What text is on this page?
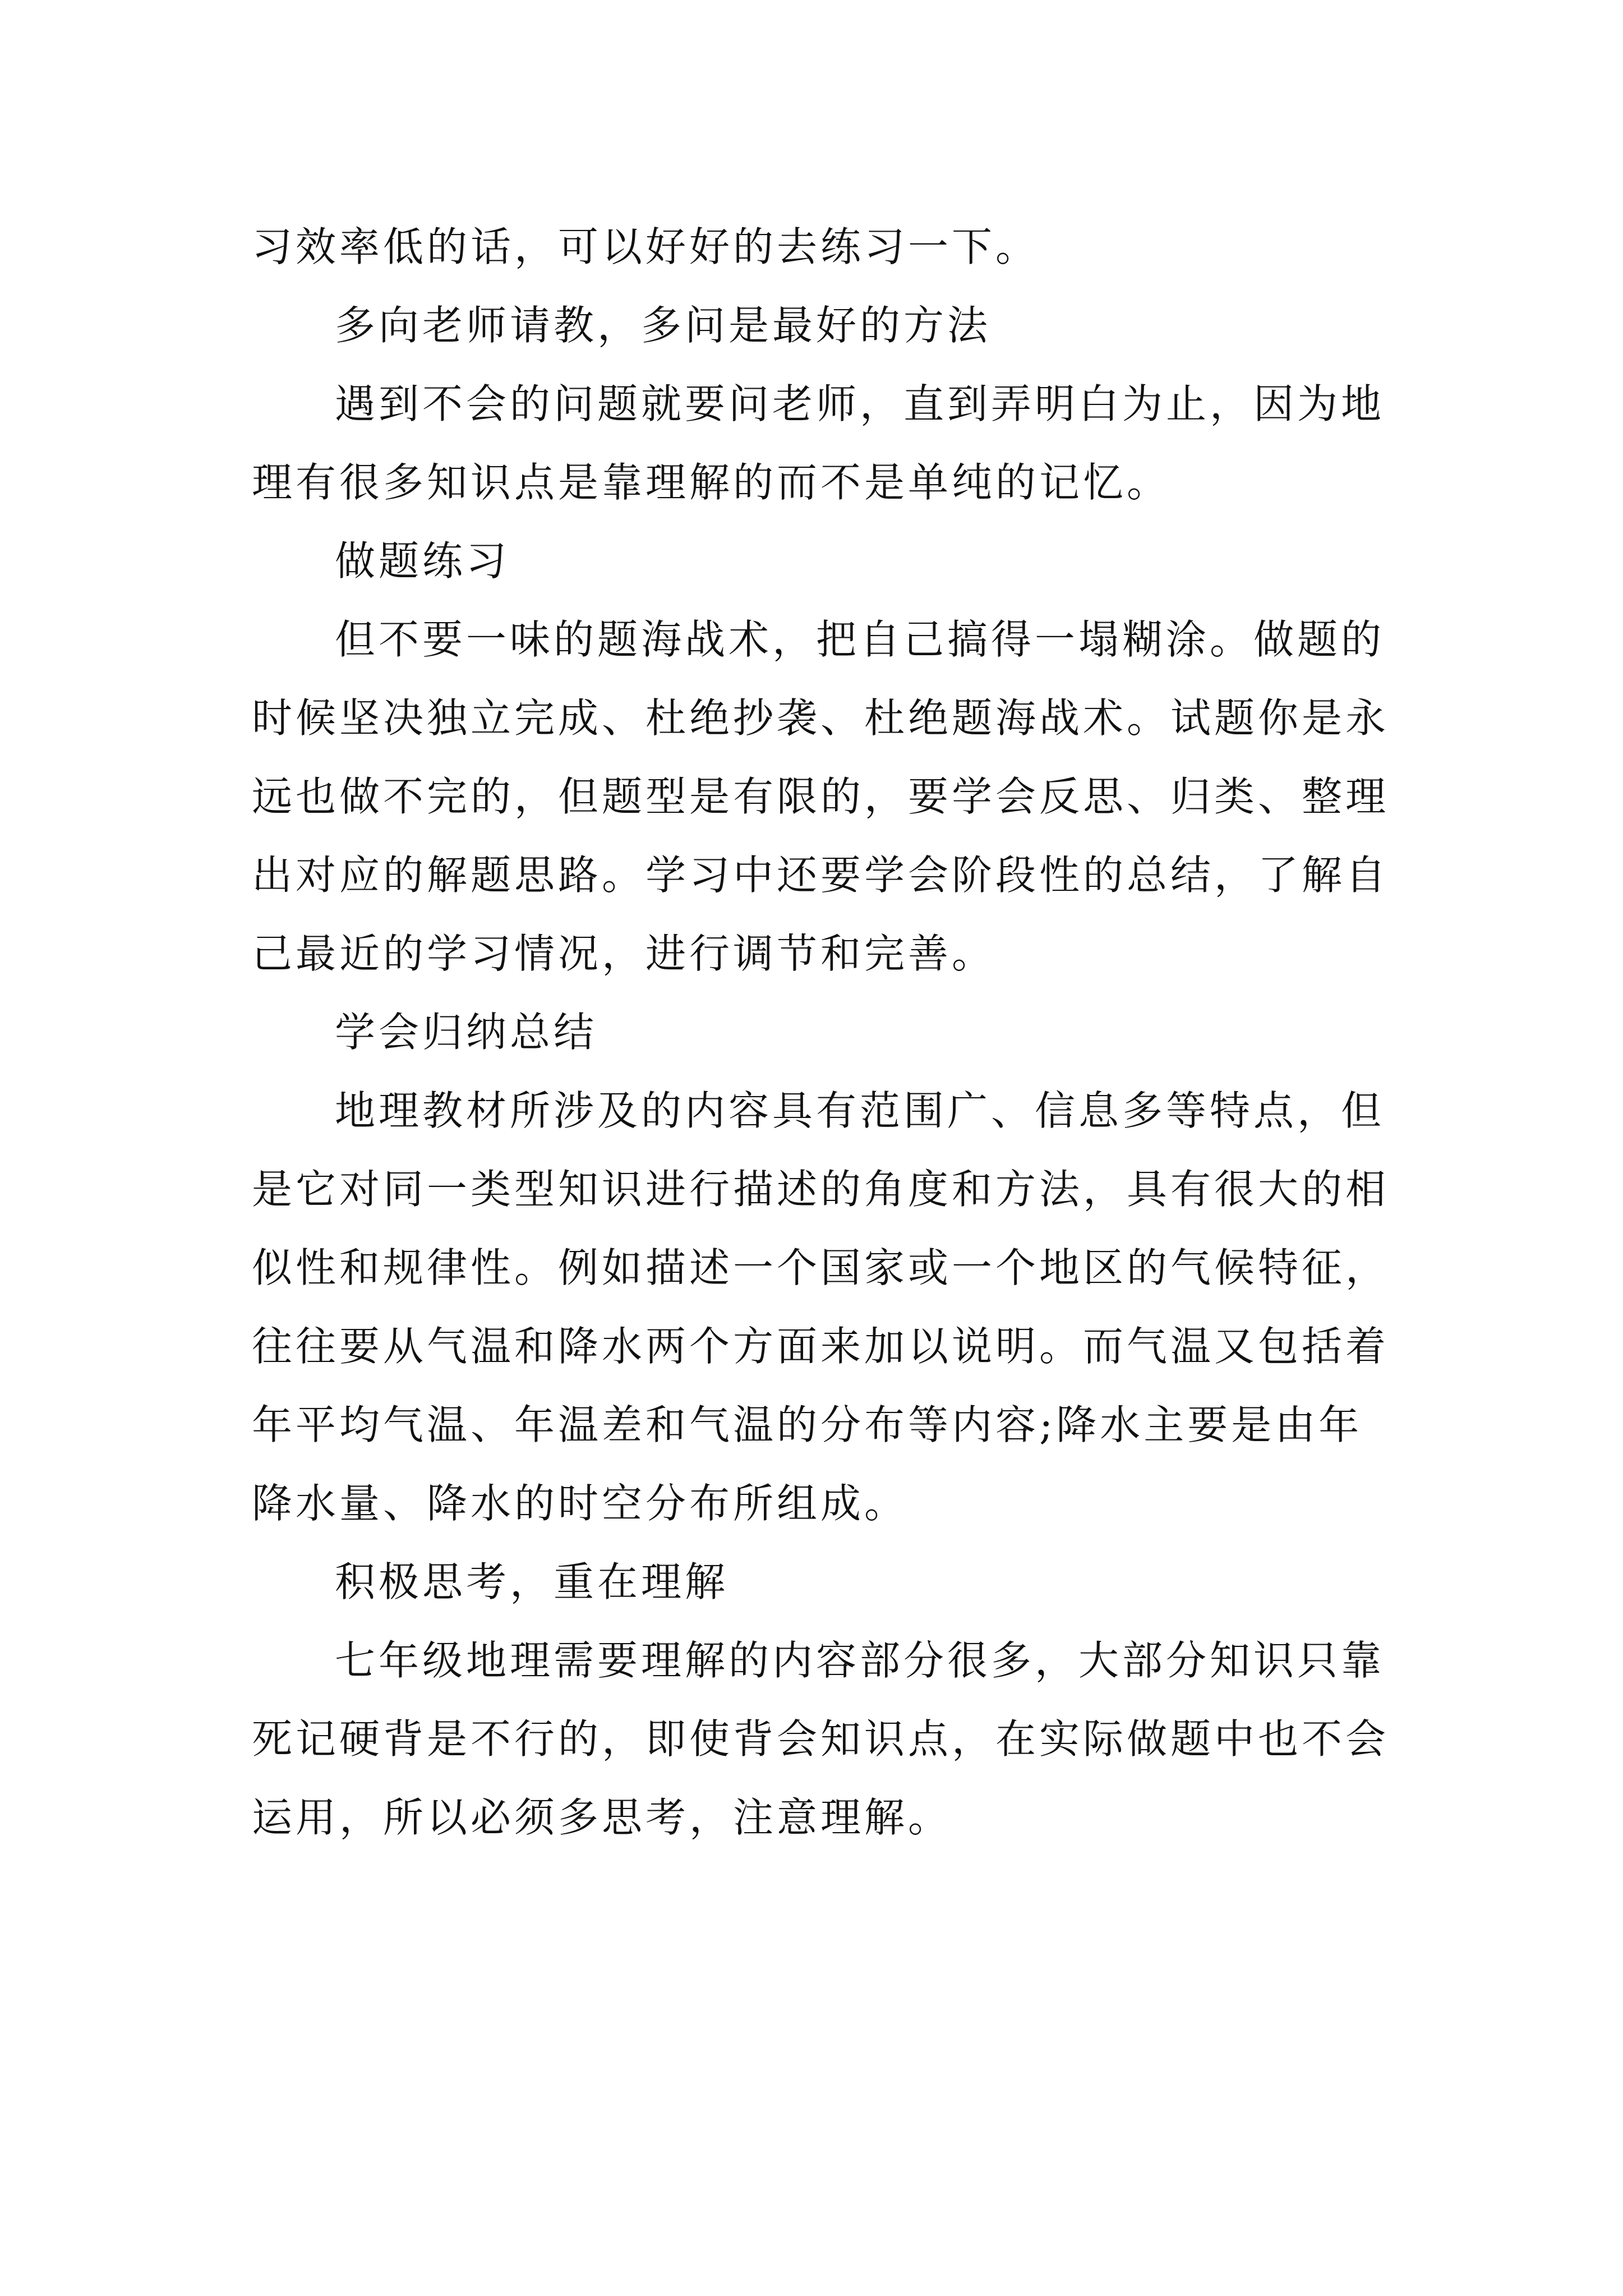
习效率低的话，可以好好的去练习一下。
多向老师请教，多问是最好的方法
遇到不会的问题就要问老师，直到弄明白为止，因为地
理有很多知识点是靠理解的而不是单纯的记忆。
做题练习
但不要一味的题海战术，把自己搞得一塌糊涂。做题的
时候坚决独立完成、杜绝抄袭、杜绝题海战术。试题你是永
远也做不完的，但题型是有限的，要学会反思、归类、整理
出对应的解题思路。学习中还要学会阶段性的总结，了解自
己最近的学习情况，进行调节和完善。
学会归纳总结
地理教材所涉及的内容具有范围广、信息多等特点，但
是它对同一类型知识进行描述的角度和方法，具有很大的相
似性和规律性。例如描述一个国家或一个地区的气候特征，
往往要从气温和降水两个方面来加以说明。而气温又包括着
年平均气温、年温差和气温的分布等内容;降水主要是由年
降水量、降水的时空分布所组成。
积极思考，重在理解
七年级地理需要理解的内容部分很多，大部分知识只靠
死记硬背是不行的，即使背会知识点，在实际做题中也不会
运用，所以必须多思考，注意理解。
